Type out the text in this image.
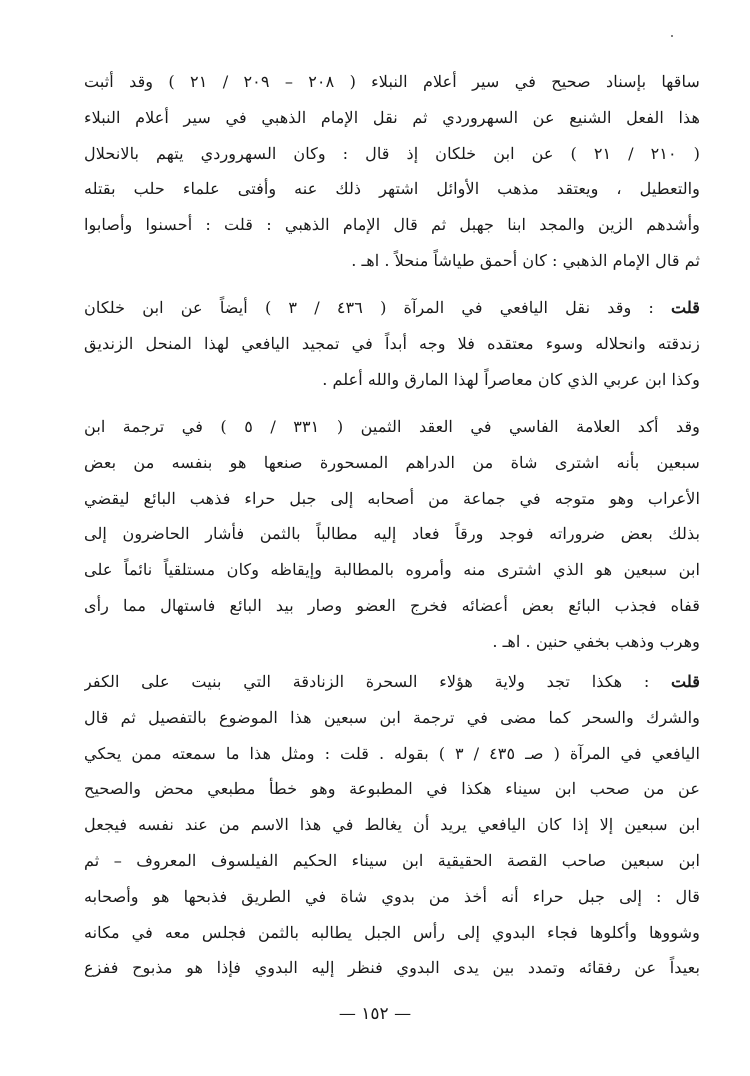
ساقها بإسناد صحيح في سير أعلام النبلاء ( ٢٠٨ – ٢٠٩ / ٢١ ) وقد أثبت
هذا الفعل الشنيع عن السهروردي ثم نقل الإمام الذهبي في سير أعلام النبلاء
( ٢١٠ / ٢١ ) عن ابن خلكان إذ قال : وكان السهروردي يتهم بالانحلال
والتعطيل ، ويعتقد مذهب الأوائل اشتهر ذلك عنه وأفتى علماء حلب بقتله
وأشدهم الزين والمجد ابنا جهبل ثم قال الإمام الذهبي : قلت : أحسنوا وأصابوا
ثم قال الإمام الذهبي : كان أحمق طياشاً منحلاً . اهـ .
قلت : وقد نقل اليافعي في المرآة ( ٤٣٦ / ٣ ) أيضاً عن ابن خلكان
زندقته وانحلاله وسوء معتقده فلا وجه أبداً في تمجيد اليافعي لهذا المنحل الزنديق
وكذا ابن عربي الذي كان معاصراً لهذا المارق والله أعلم .
وقد أكد العلامة الفاسي في العقد الثمين ( ٣٣١ / ٥ ) في ترجمة ابن
سبعين بأنه اشترى شاة من الدراهم المسحورة صنعها هو بنفسه من بعض
الأعراب وهو متوجه في جماعة من أصحابه إلى جبل حراء فذهب البائع ليقضي
بذلك بعض ضروراته فوجد ورقاً فعاد إليه مطالباً بالثمن فأشار الحاضرون إلى
ابن سبعين هو الذي اشترى منه وأمروه بالمطالبة وإيقاظه وكان مستلقياً نائماً على
قفاه فجذب البائع بعض أعضائه فخرج العضو وصار بيد البائع فاستهال مما رأى
وهرب وذهب بخفي حنين . اهـ .
قلت : هكذا تجد ولاية هؤلاء السحرة الزنادقة التي بنيت على الكفر
والشرك والسحر كما مضى في ترجمة ابن سبعين هذا الموضوع بالتفصيل ثم قال
اليافعي في المرآة ( صـ ٤٣٥ / ٣ ) بقوله . قلت : ومثل هذا ما سمعته ممن يحكي
عن من صحب ابن سيناء هكذا في المطبوعة وهو خطأ مطبعي محض والصحيح
ابن سبعين إلا إذا كان اليافعي يريد أن يغالط في هذا الاسم من عند نفسه فيجعل
ابن سبعين صاحب القصة الحقيقية ابن سيناء الحكيم الفيلسوف المعروف – ثم
قال : إلى جبل حراء أنه أخذ من بدوي شاة في الطريق فذبحها هو وأصحابه
وشووها وأكلوها فجاء البدوي إلى رأس الجبل يطالبه بالثمن فجلس معه في مكانه
بعيداً عن رفقائه وتمدد بين يدى البدوي فنظر إليه البدوي فإذا هو مذبوح ففزع
— ١٥٢ —
